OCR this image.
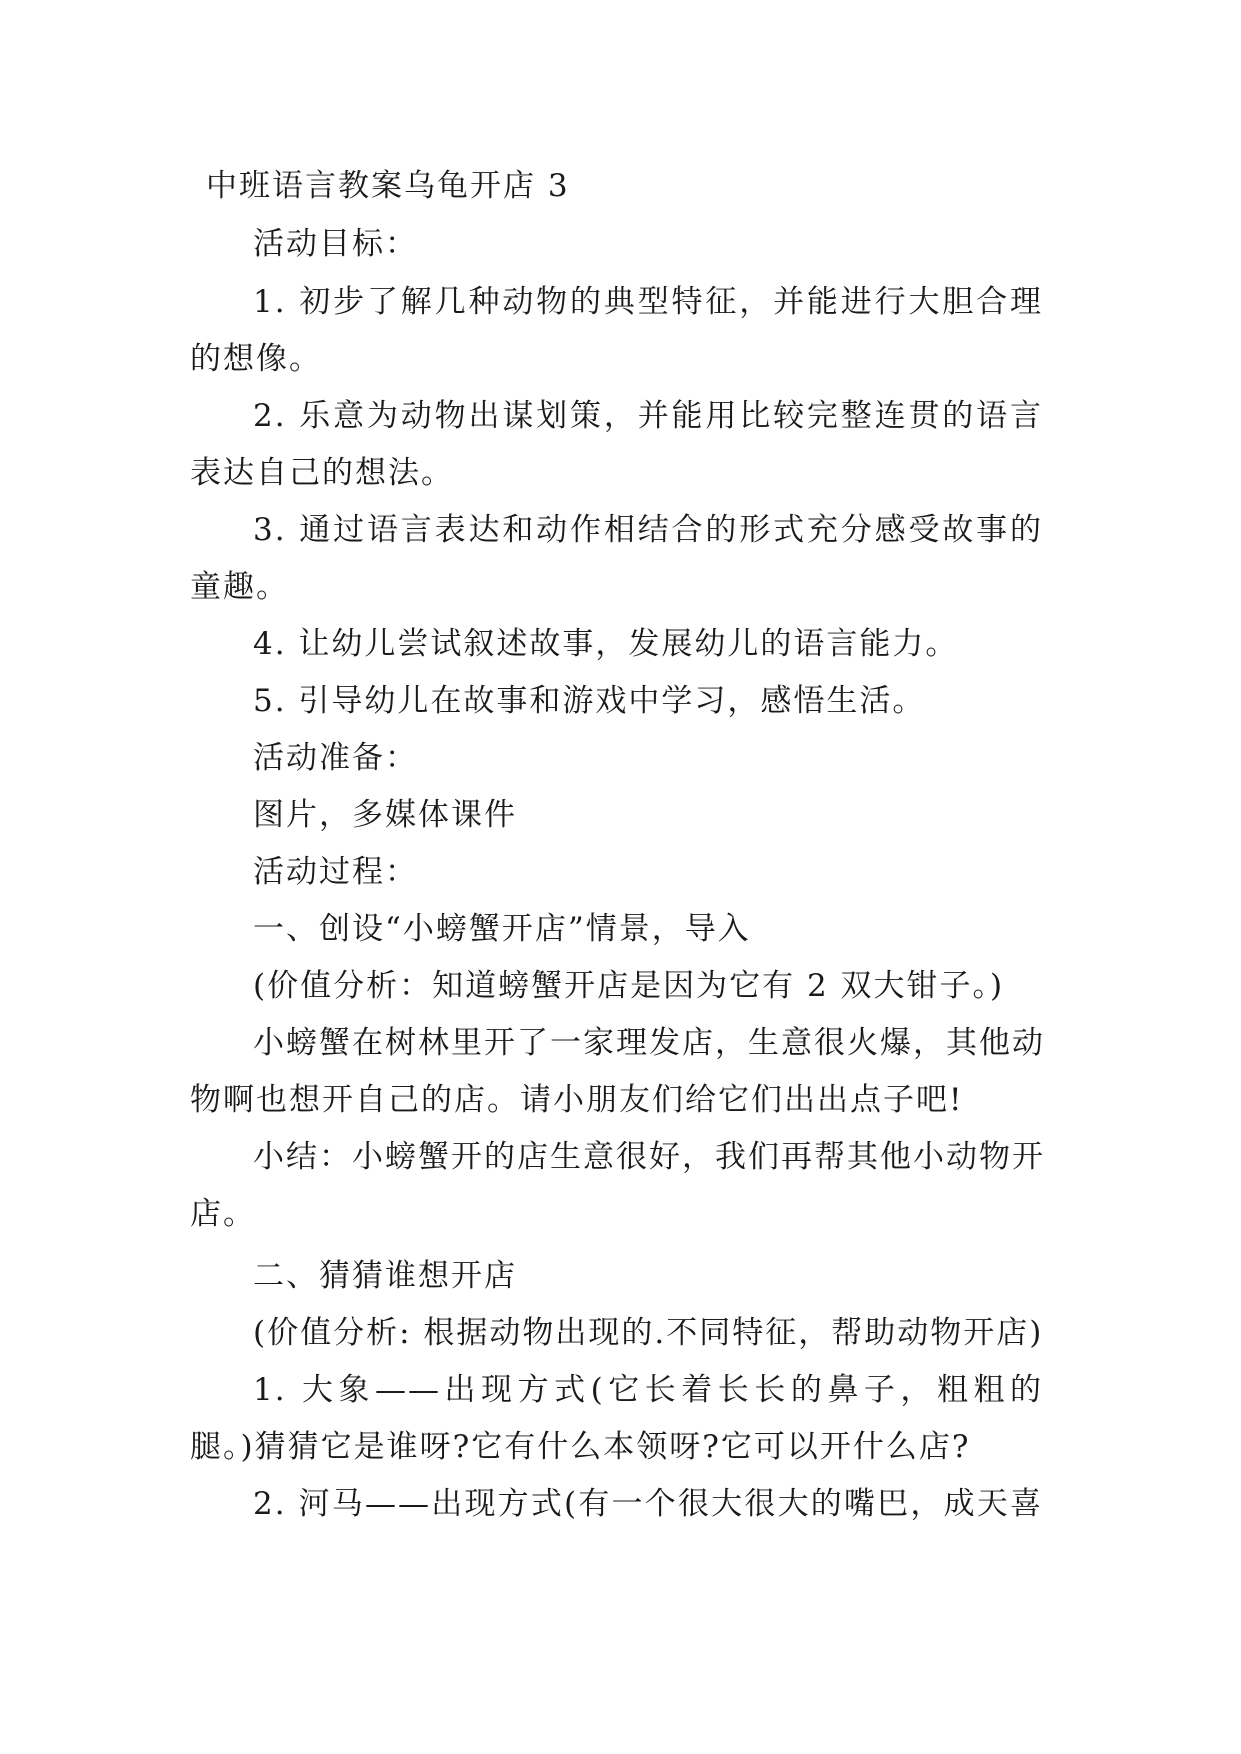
中班语言教案乌龟开店 3
活动目标：
1. 初步了解几种动物的典型特征，并能进行大胆合理
的想像。
2. 乐意为动物出谋划策，并能用比较完整连贯的语言
表达自己的想法。
3. 通过语言表达和动作相结合的形式充分感受故事的
童趣。
4. 让幼儿尝试叙述故事，发展幼儿的语言能力。
5. 引导幼儿在故事和游戏中学习，感悟生活。
活动准备：
图片，多媒体课件
活动过程：
一、创设“小螃蟹开店”情景，导入
(价值分析：知道螃蟹开店是因为它有 2 双大钳子。)
小螃蟹在树林里开了一家理发店，生意很火爆，其他动
物啊也想开自己的店。请小朋友们给它们出出点子吧!
小结：小螃蟹开的店生意很好，我们再帮其他小动物开
店。
二、猜猜谁想开店
(价值分析: 根据动物出现的.不同特征，帮助动物开店)
1. 大象——出现方式(它长着长长的鼻子，粗粗的
腿。)猜猜它是谁呀?它有什么本领呀?它可以开什么店?
2. 河马——出现方式(有一个很大很大的嘴巴，成天喜
